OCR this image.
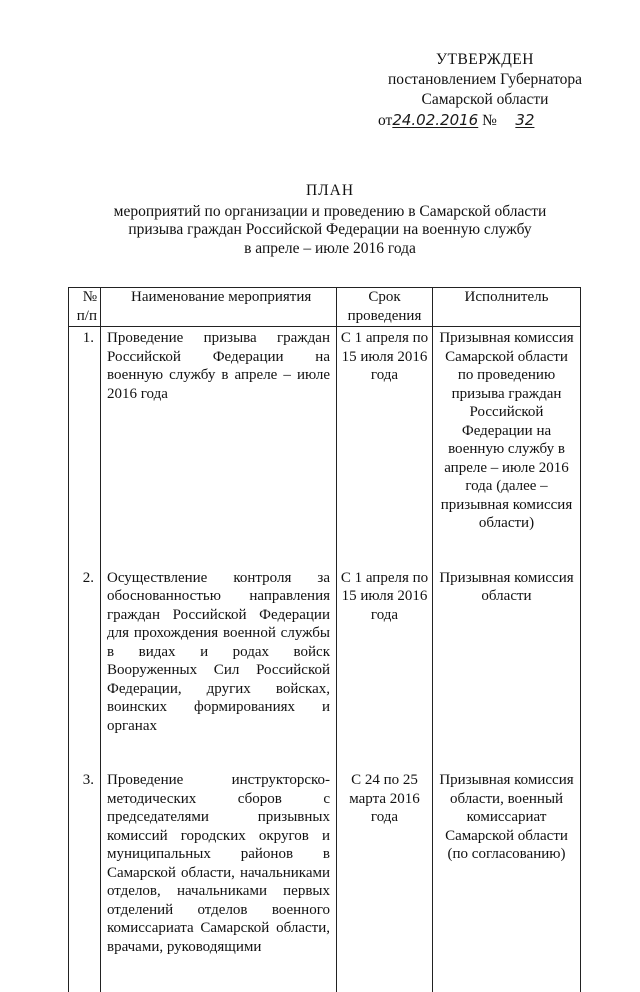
УТВЕРЖДЕН
постановлением Губернатора
Самарской области
от24.02.2016 № 32
ПЛАН
мероприятий по организации и проведению в Самарской области
призыва граждан Российской Федерации на военную службу
в апреле – июле 2016 года
№ п/п	Наименование мероприятия	Срок проведения	Исполнитель
1.	Проведение призыва граждан Российской Федерации на военную службу в апреле – июле 2016 года	С 1 апреля по 15 июля 2016 года	Призывная комиссия Самарской области по проведению призыва граждан Российской Федерации на военную службу в апреле – июле 2016 года (далее – призывная комиссия области)
2.	Осуществление контроля за обоснованностью направления граждан Российской Федерации для прохождения военной службы в видах и родах войск Вооруженных Сил Российской Федерации, других войсках, воинских формированиях и органах	С 1 апреля по 15 июля 2016 года	Призывная комиссия области
3.	Проведение инструкторско-методических сборов с председателями призывных комиссий городских округов и муниципальных районов в Самарской области, начальниками отделов, начальниками первых отделений отделов военного комиссариата Самарской области, врачами, руководящими	С 24 по 25 марта 2016 года	Призывная комиссия области, военный комиссариат Самарской области (по согласованию)
